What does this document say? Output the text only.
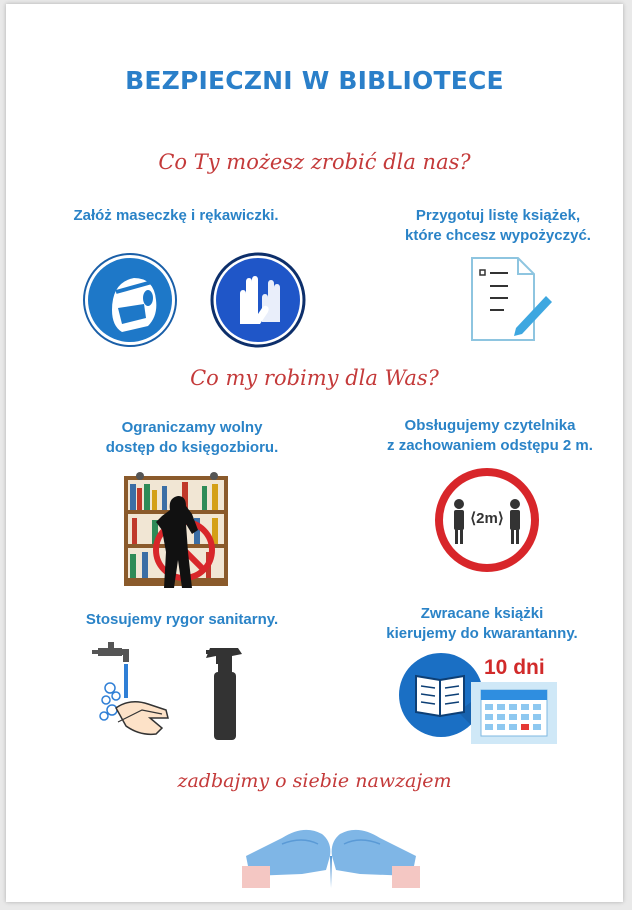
BEZPIECZNI W BIBLIOTECE
Co Ty możesz zrobić dla nas?
Załóż maseczkę i rękawiczki.	Przygotuj listę książek,
które chcesz wypożyczyć.
Co my robimy dla Was?
Ograniczamy wolny
dostęp do księgozbioru.
Obsługujemy czytelnika
z zachowaniem odstępu 2 m.
⟨2m⟩
Stosujemy rygor sanitarny.	Zwracane książki
kierujemy do kwarantanny.
10 dni
zadbajmy o siebie nawzajem
